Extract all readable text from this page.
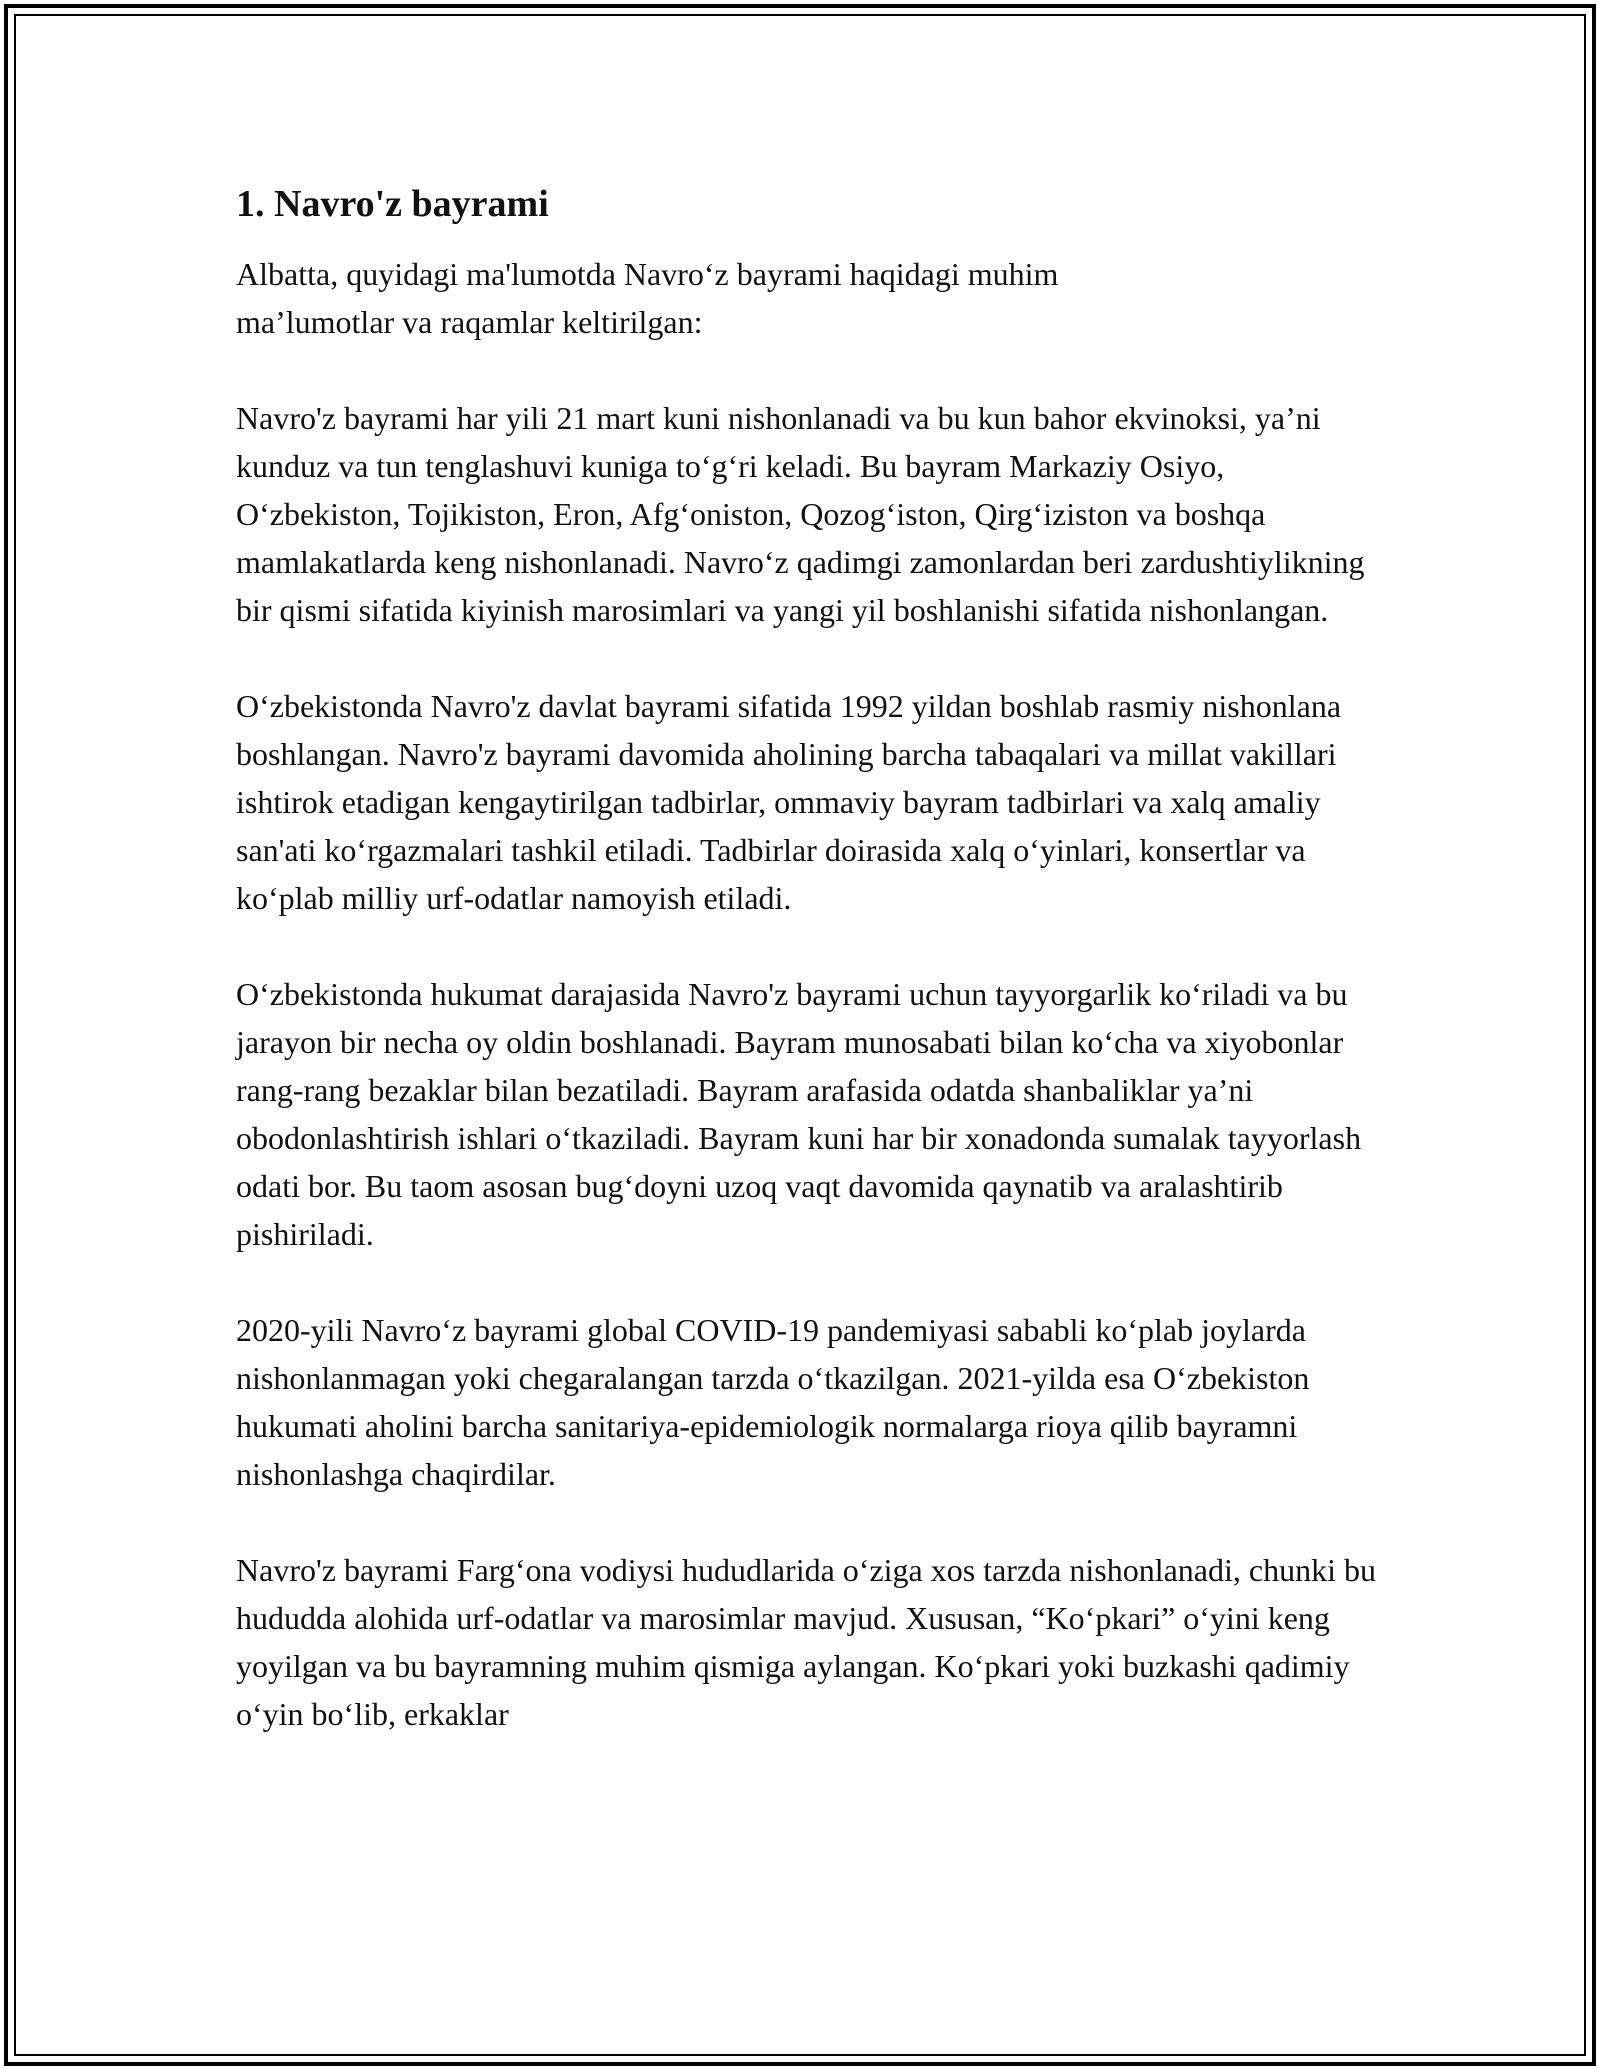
1. Navro'z bayrami

Albatta, quyidagi ma'lumotda Navro‘z bayrami haqidagi muhim ma’lumotlar va raqamlar keltirilgan:

Navro'z bayrami har yili 21 mart kuni nishonlanadi va bu kun bahor ekvinoksi, ya’ni kunduz va tun tenglashuvi kuniga to‘g‘ri keladi. Bu bayram Markaziy Osiyo, O‘zbekiston, Tojikiston, Eron, Afg‘oniston, Qozog‘iston, Qirg‘iziston va boshqa mamlakatlarda keng nishonlanadi. Navro‘z qadimgi zamonlardan beri zardushtiylikning bir qismi sifatida kiyinish marosimlari va yangi yil boshlanishi sifatida nishonlangan.

O‘zbekistonda Navro'z davlat bayrami sifatida 1992 yildan boshlab rasmiy nishonlana boshlangan. Navro'z bayrami davomida aholining barcha tabaqalari va millat vakillari ishtirok etadigan kengaytirilgan tadbirlar, ommaviy bayram tadbirlari va xalq amaliy san'ati ko‘rgazmalari tashkil etiladi. Tadbirlar doirasida xalq o‘yinlari, konsertlar va ko‘plab milliy urf-odatlar namoyish etiladi.

O‘zbekistonda hukumat darajasida Navro'z bayrami uchun tayyorgarlik ko‘riladi va bu jarayon bir necha oy oldin boshlanadi. Bayram munosabati bilan ko‘cha va xiyobonlar rang-rang bezaklar bilan bezatiladi. Bayram arafasida odatda shanbaliklar ya’ni obodonlashtirish ishlari o‘tkaziladi. Bayram kuni har bir xonadonda sumalak tayyorlash odati bor. Bu taom asosan bug‘doyni uzoq vaqt davomida qaynatib va aralashtirib pishiriladi.

2020-yili Navro‘z bayrami global COVID-19 pandemiyasi sababli ko‘plab joylarda nishonlanmagan yoki chegaralangan tarzda o‘tkazilgan. 2021-yilda esa O‘zbekiston hukumati aholini barcha sanitariya-epidemiologik normalarga rioya qilib bayramni nishonlashga chaqirdilar.

Navro'z bayrami Farg‘ona vodiysi hududlarida o‘ziga xos tarzda nishonlanadi, chunki bu hududda alohida urf-odatlar va marosimlar mavjud. Xususan, “Ko‘pkari” o‘yini keng yoyilgan va bu bayramning muhim qismiga aylangan. Ko‘pkari yoki buzkashi qadimiy o‘yin bo‘lib, erkaklar
